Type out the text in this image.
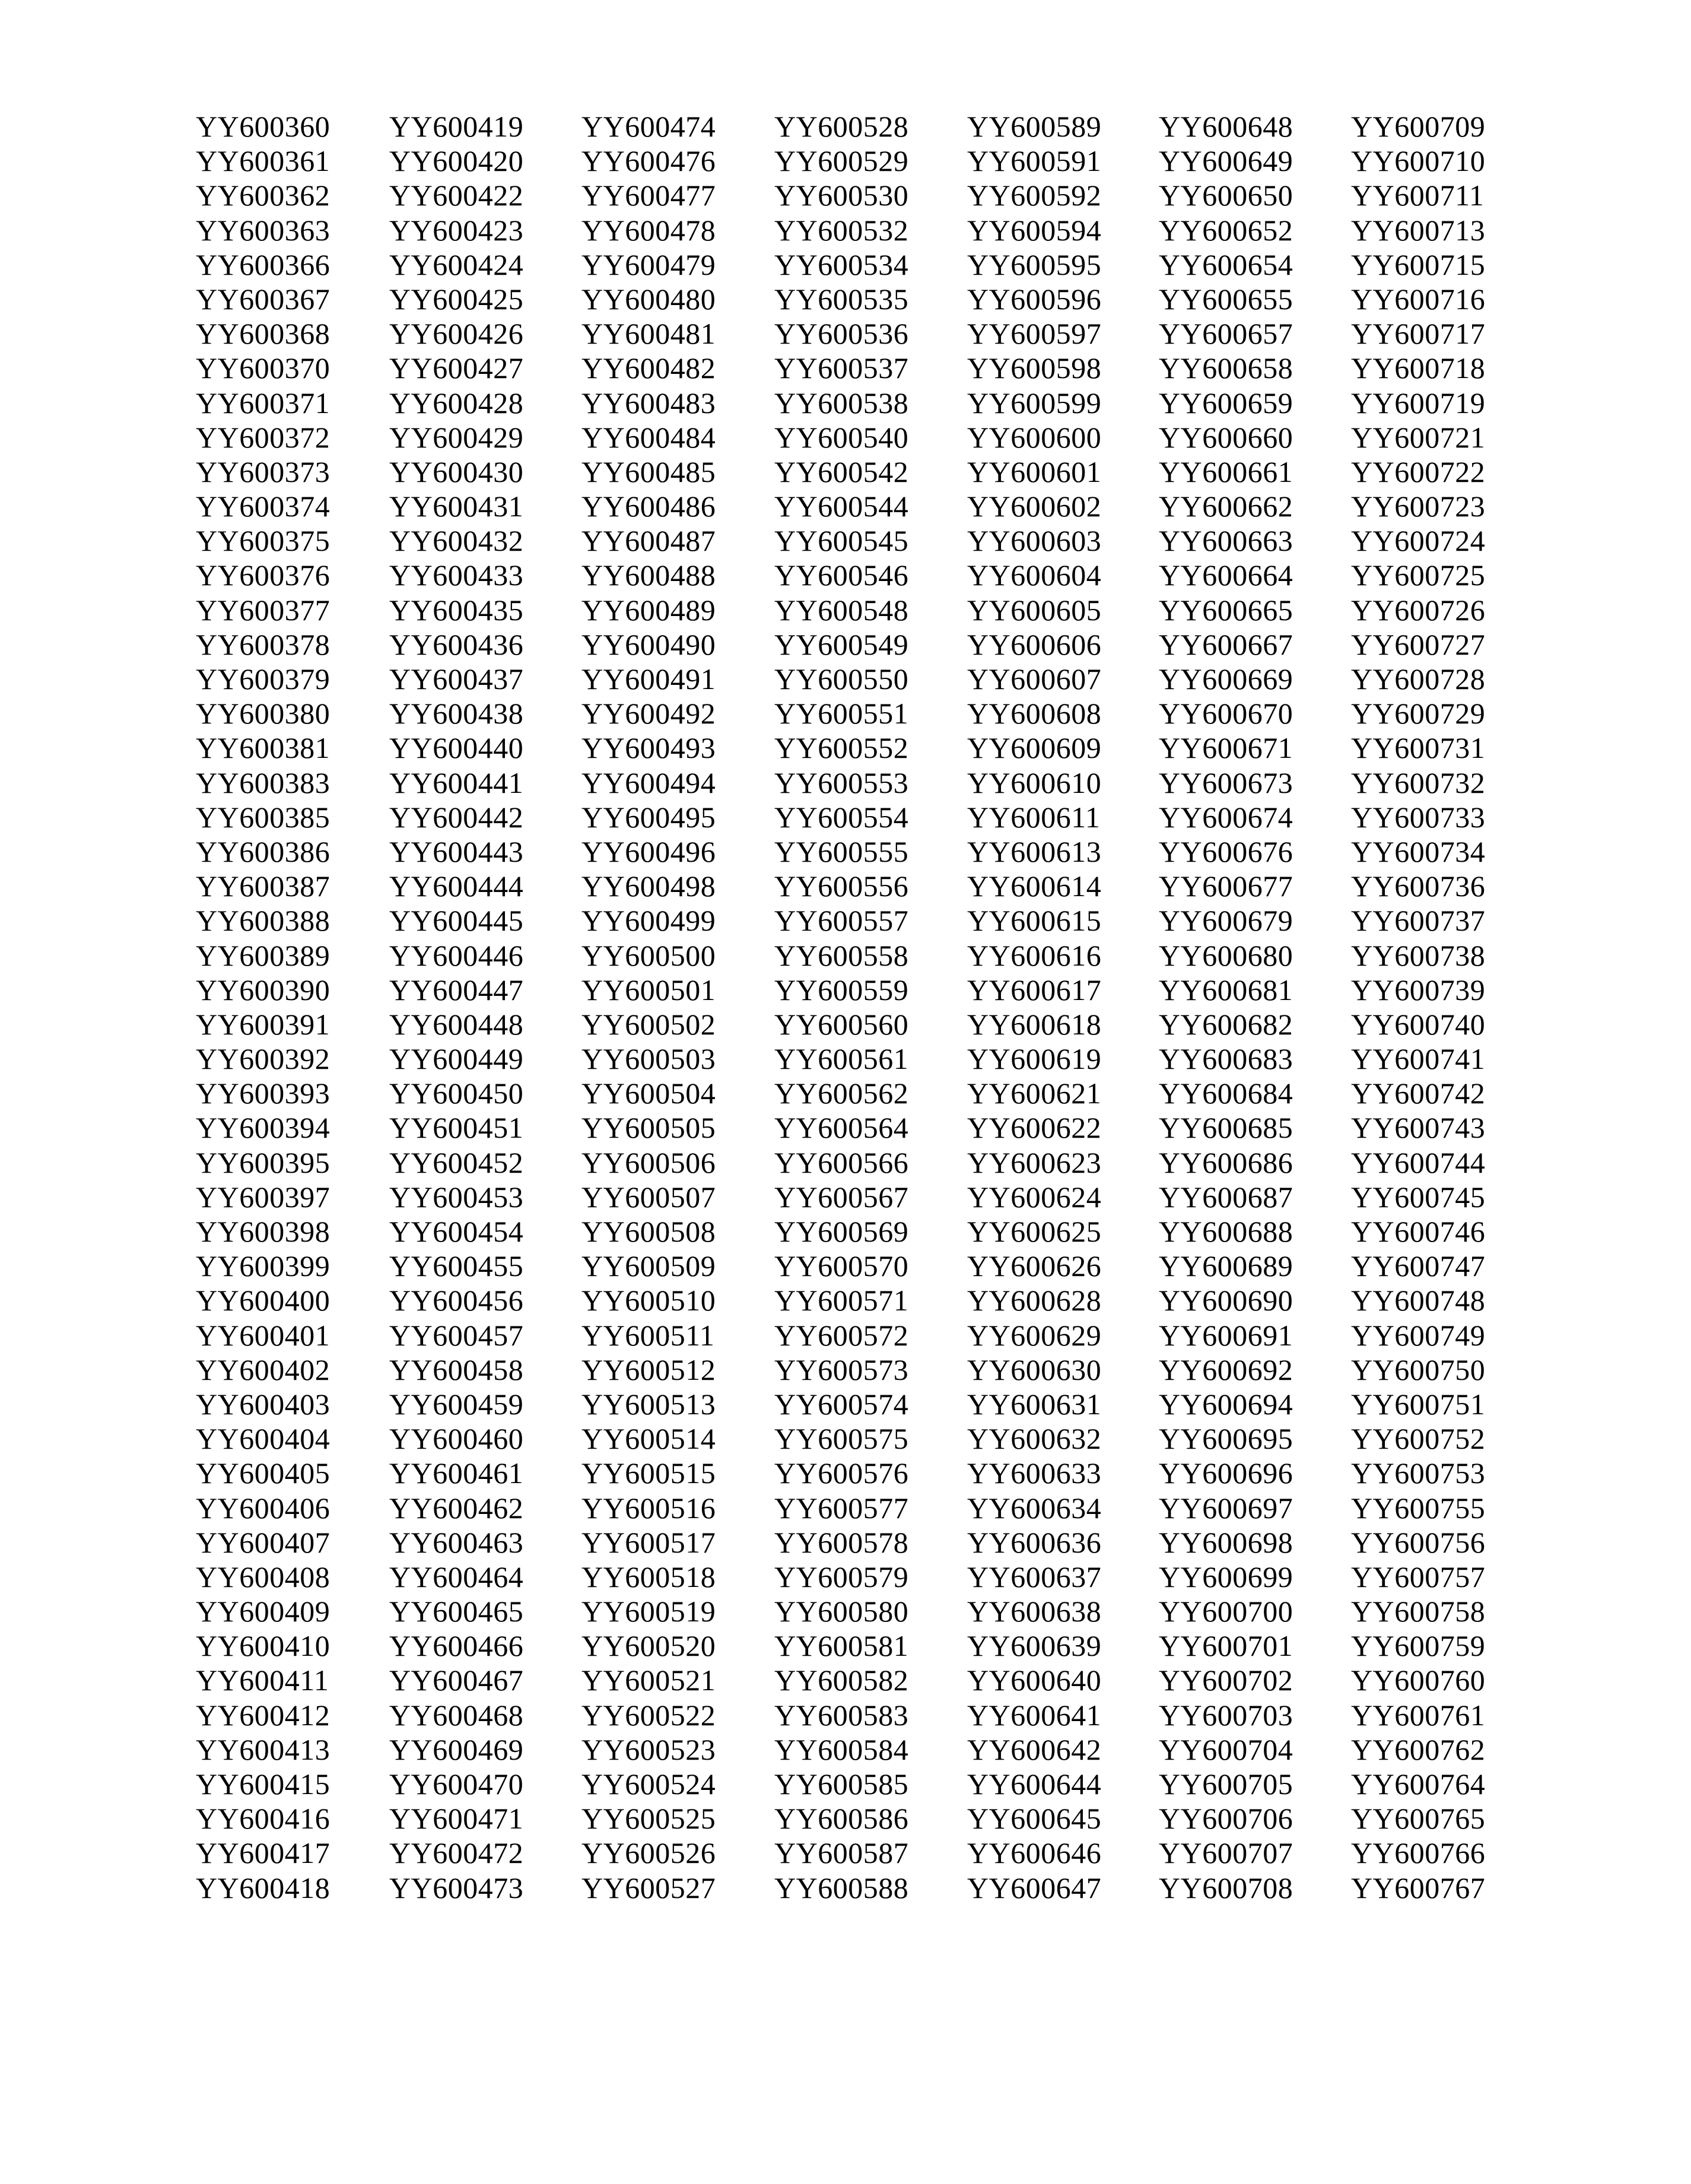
YY600360
YY600361
YY600362
YY600363
YY600366
YY600367
YY600368
YY600370
YY600371
YY600372
YY600373
YY600374
YY600375
YY600376
YY600377
YY600378
YY600379
YY600380
YY600381
YY600383
YY600385
YY600386
YY600387
YY600388
YY600389
YY600390
YY600391
YY600392
YY600393
YY600394
YY600395
YY600397
YY600398
YY600399
YY600400
YY600401
YY600402
YY600403
YY600404
YY600405
YY600406
YY600407
YY600408
YY600409
YY600410
YY600411
YY600412
YY600413
YY600415
YY600416
YY600417
YY600418
YY600419
YY600420
YY600422
YY600423
YY600424
YY600425
YY600426
YY600427
YY600428
YY600429
YY600430
YY600431
YY600432
YY600433
YY600435
YY600436
YY600437
YY600438
YY600440
YY600441
YY600442
YY600443
YY600444
YY600445
YY600446
YY600447
YY600448
YY600449
YY600450
YY600451
YY600452
YY600453
YY600454
YY600455
YY600456
YY600457
YY600458
YY600459
YY600460
YY600461
YY600462
YY600463
YY600464
YY600465
YY600466
YY600467
YY600468
YY600469
YY600470
YY600471
YY600472
YY600473
YY600474
YY600476
YY600477
YY600478
YY600479
YY600480
YY600481
YY600482
YY600483
YY600484
YY600485
YY600486
YY600487
YY600488
YY600489
YY600490
YY600491
YY600492
YY600493
YY600494
YY600495
YY600496
YY600498
YY600499
YY600500
YY600501
YY600502
YY600503
YY600504
YY600505
YY600506
YY600507
YY600508
YY600509
YY600510
YY600511
YY600512
YY600513
YY600514
YY600515
YY600516
YY600517
YY600518
YY600519
YY600520
YY600521
YY600522
YY600523
YY600524
YY600525
YY600526
YY600527
YY600528
YY600529
YY600530
YY600532
YY600534
YY600535
YY600536
YY600537
YY600538
YY600540
YY600542
YY600544
YY600545
YY600546
YY600548
YY600549
YY600550
YY600551
YY600552
YY600553
YY600554
YY600555
YY600556
YY600557
YY600558
YY600559
YY600560
YY600561
YY600562
YY600564
YY600566
YY600567
YY600569
YY600570
YY600571
YY600572
YY600573
YY600574
YY600575
YY600576
YY600577
YY600578
YY600579
YY600580
YY600581
YY600582
YY600583
YY600584
YY600585
YY600586
YY600587
YY600588
YY600589
YY600591
YY600592
YY600594
YY600595
YY600596
YY600597
YY600598
YY600599
YY600600
YY600601
YY600602
YY600603
YY600604
YY600605
YY600606
YY600607
YY600608
YY600609
YY600610
YY600611
YY600613
YY600614
YY600615
YY600616
YY600617
YY600618
YY600619
YY600621
YY600622
YY600623
YY600624
YY600625
YY600626
YY600628
YY600629
YY600630
YY600631
YY600632
YY600633
YY600634
YY600636
YY600637
YY600638
YY600639
YY600640
YY600641
YY600642
YY600644
YY600645
YY600646
YY600647
YY600648
YY600649
YY600650
YY600652
YY600654
YY600655
YY600657
YY600658
YY600659
YY600660
YY600661
YY600662
YY600663
YY600664
YY600665
YY600667
YY600669
YY600670
YY600671
YY600673
YY600674
YY600676
YY600677
YY600679
YY600680
YY600681
YY600682
YY600683
YY600684
YY600685
YY600686
YY600687
YY600688
YY600689
YY600690
YY600691
YY600692
YY600694
YY600695
YY600696
YY600697
YY600698
YY600699
YY600700
YY600701
YY600702
YY600703
YY600704
YY600705
YY600706
YY600707
YY600708
YY600709
YY600710
YY600711
YY600713
YY600715
YY600716
YY600717
YY600718
YY600719
YY600721
YY600722
YY600723
YY600724
YY600725
YY600726
YY600727
YY600728
YY600729
YY600731
YY600732
YY600733
YY600734
YY600736
YY600737
YY600738
YY600739
YY600740
YY600741
YY600742
YY600743
YY600744
YY600745
YY600746
YY600747
YY600748
YY600749
YY600750
YY600751
YY600752
YY600753
YY600755
YY600756
YY600757
YY600758
YY600759
YY600760
YY600761
YY600762
YY600764
YY600765
YY600766
YY600767
